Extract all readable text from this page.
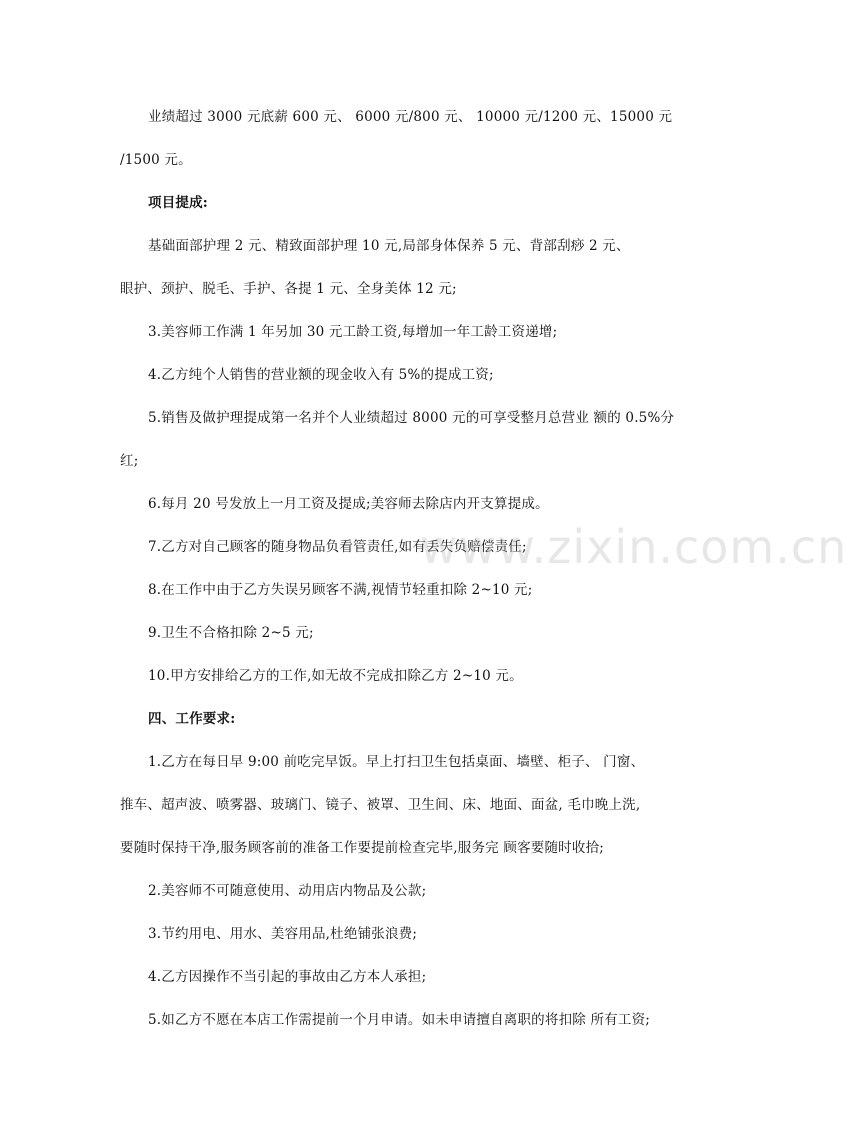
业绩超过 3000 元底薪 600 元、 6000 元/800 元、 10000 元/1200 元、15000 元
/1500 元。
项目提成:
基础面部护理 2 元、精致面部护理 10 元,局部身体保养 5 元、背部刮痧 2 元、
眼护、颈护、脱毛、手护、各提 1 元、全身美体 12 元;
3.美容师工作满 1 年另加 30 元工龄工资,每增加一年工龄工资递增;
4.乙方纯个人销售的营业额的现金收入有 5%的提成工资;
5.销售及做护理提成第一名并个人业绩超过 8000 元的可享受整月总营业 额的 0.5%分
红;
6.每月 20 号发放上一月工资及提成;美容师去除店内开支算提成。
7.乙方对自己顾客的随身物品负看管责任,如有丢失负赔偿责任;
8.在工作中由于乙方失误另顾客不满,视情节轻重扣除 2~10 元;
9.卫生不合格扣除 2~5 元;
10.甲方安排给乙方的工作,如无故不完成扣除乙方 2~10 元。
四、工作要求:
1.乙方在每日早 9:00 前吃完早饭。早上打扫卫生包括桌面、墙壁、柜子、 门窗、
推车、超声波、喷雾器、玻璃门、镜子、被罩、卫生间、床、地面、面盆, 毛巾晚上洗,
要随时保持干净,服务顾客前的准备工作要提前检查完毕,服务完 顾客要随时收拾;
2.美容师不可随意使用、动用店内物品及公款;
3.节约用电、用水、美容用品,杜绝铺张浪费;
4.乙方因操作不当引起的事故由乙方本人承担;
5.如乙方不愿在本店工作需提前一个月申请。如未申请擅自离职的将扣除 所有工资;
www.zixin.com.cn
